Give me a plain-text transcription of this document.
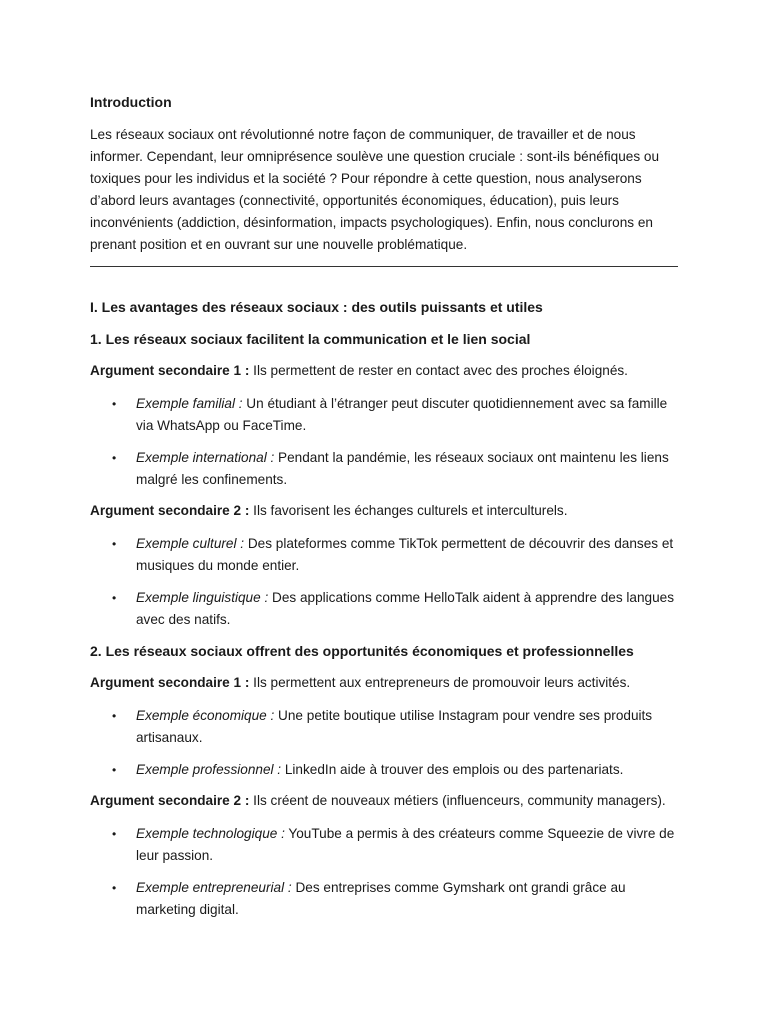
Introduction

Les réseaux sociaux ont révolutionné notre façon de communiquer, de travailler et de nous informer. Cependant, leur omniprésence soulève une question cruciale : sont-ils bénéfiques ou toxiques pour les individus et la société ? Pour répondre à cette question, nous analyserons d’abord leurs avantages (connectivité, opportunités économiques, éducation), puis leurs inconvénients (addiction, désinformation, impacts psychologiques). Enfin, nous conclurons en prenant position et en ouvrant sur une nouvelle problématique.

I. Les avantages des réseaux sociaux : des outils puissants et utiles
1. Les réseaux sociaux facilitent la communication et le lien social

Argument secondaire 1 : Ils permettent de rester en contact avec des proches éloignés.

• Exemple familial : Un étudiant à l’étranger peut discuter quotidiennement avec sa famille via WhatsApp ou FaceTime.
• Exemple international : Pendant la pandémie, les réseaux sociaux ont maintenu les liens malgré les confinements.

Argument secondaire 2 : Ils favorisent les échanges culturels et interculturels.

• Exemple culturel : Des plateformes comme TikTok permettent de découvrir des danses et musiques du monde entier.
• Exemple linguistique : Des applications comme HelloTalk aident à apprendre des langues avec des natifs.
2. Les réseaux sociaux offrent des opportunités économiques et professionnelles

Argument secondaire 1 : Ils permettent aux entrepreneurs de promouvoir leurs activités.

• Exemple économique : Une petite boutique utilise Instagram pour vendre ses produits artisanaux.
• Exemple professionnel : LinkedIn aide à trouver des emplois ou des partenariats.

Argument secondaire 2 : Ils créent de nouveaux métiers (influenceurs, community managers).

• Exemple technologique : YouTube a permis à des créateurs comme Squeezie de vivre de leur passion.
• Exemple entrepreneurial : Des entreprises comme Gymshark ont grandi grâce au marketing digital.
